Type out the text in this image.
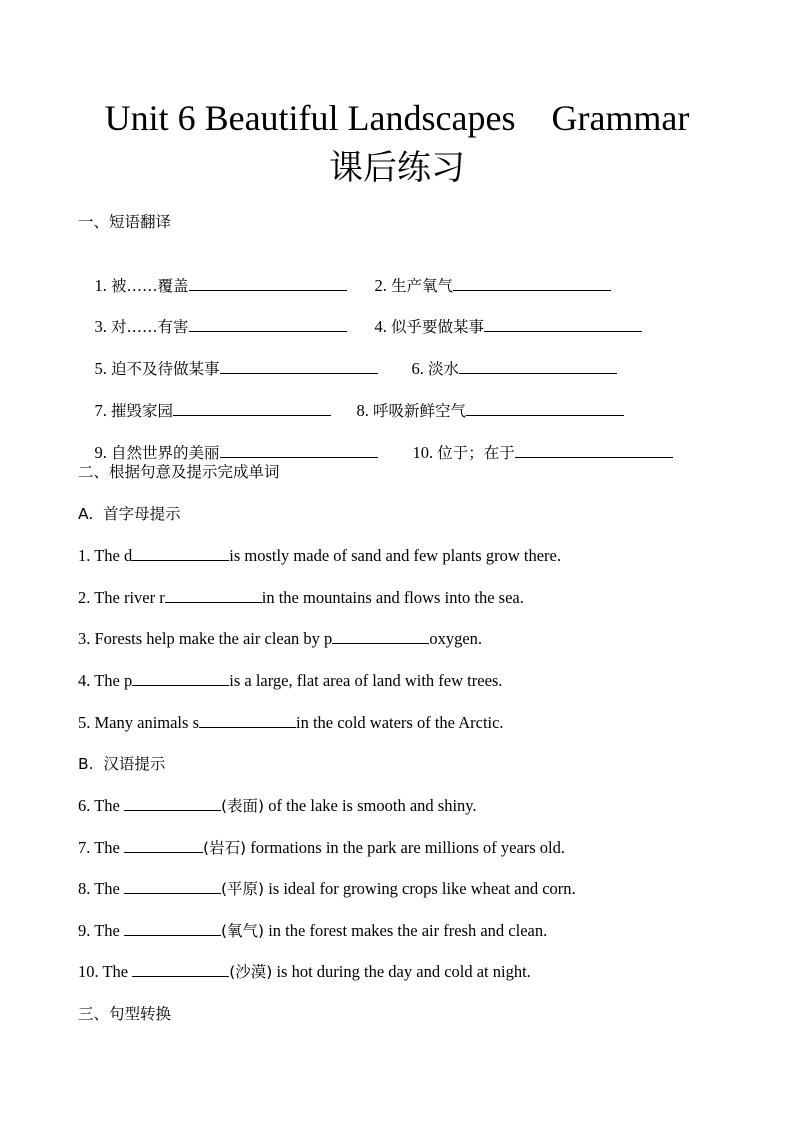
Unit 6 Beautiful Landscapes    Grammar
课后练习
一、短语翻译

1. 被……覆盖
	2. 生产氧气

3. 对……有害
	4. 似乎要做某事

5. 迫不及待做某事
	6. 淡水

7. 摧毁家园
	8. 呼吸新鲜空气

9. 自然世界的美丽
	10. 位于；在于

二、根据句意及提示完成单词
A.  首字母提示
1. The d	is mostly made of sand and few plants grow there.
2. The river r	in the mountains and flows into the sea.
3. Forests help make the air clean by p	oxygen.
4. The p	is a large, flat area of land with few trees.
5. Many animals s	in the cold waters of the Arctic.
B.  汉语提示
6. The	(表面) of the lake is smooth and shiny.
7. The	(岩石) formations in the park are millions of years old.
8. The	(平原) is ideal for growing crops like wheat and corn.
9. The	(氧气) in the forest makes the air fresh and clean.
10. The	(沙漠) is hot during the day and cold at night.
三、句型转换
